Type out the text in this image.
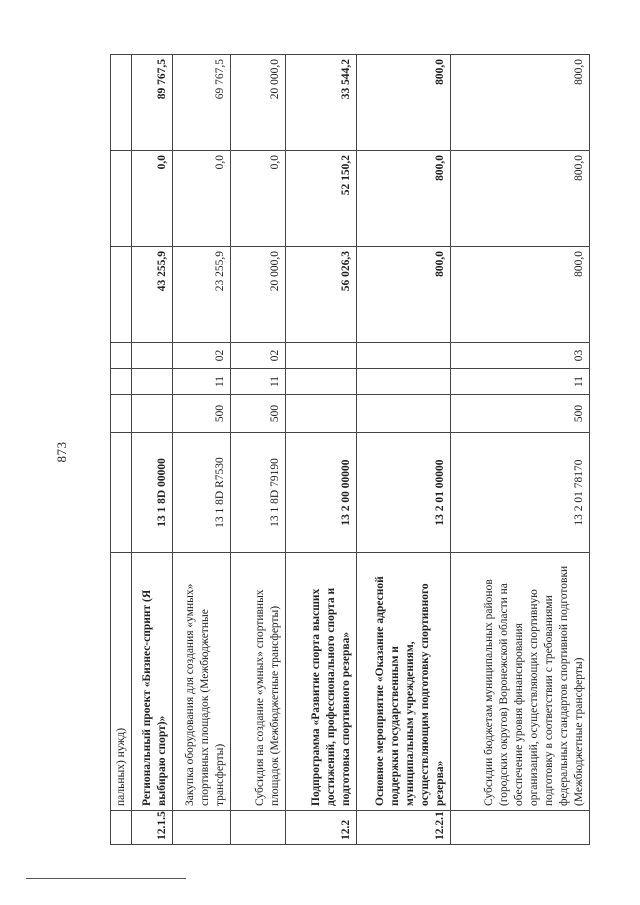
873
	пальных) нужд)							
12.1.5	Региональный проект «Бизнес-спринт (Я выбираю спорт)»	13 1 8D 00000				43 255,9	0,0	89 767,5
	Закупка оборудования для создания «умных» спортивных площадок (Межбюджетные трансферты)	13 1 8D R7530	500	11	02	23 255,9	0,0	69 767,5
	Субсидия на создание «умных» спортивных площадок (Межбюджетные трансферты)	13 1 8D 79190	500	11	02	20 000,0	0,0	20 000,0
12.2	Подпрограмма «Развитие спорта высших достижений, профессионального спорта и подготовка спортивного резерва»	13 2 00 00000				56 026,3	52 150,2	33 544,2
12.2.1	Основное мероприятие «Оказание адресной поддержки государственным и муниципальным учреждениям, осуществляющим подготовку спортивного резерва»	13 2 01 00000				800,0	800,0	800,0
	Субсидии бюджетам муниципальных районов (городских округов) Воронежской области на обеспечение уровня финансирования организаций, осуществляющих спортивную подготовку в соответствии с требованиями федеральных стандартов спортивной подготовки (Межбюджетные трансферты)	13 2 01 78170	500	11	03	800,0	800,0	800,0
